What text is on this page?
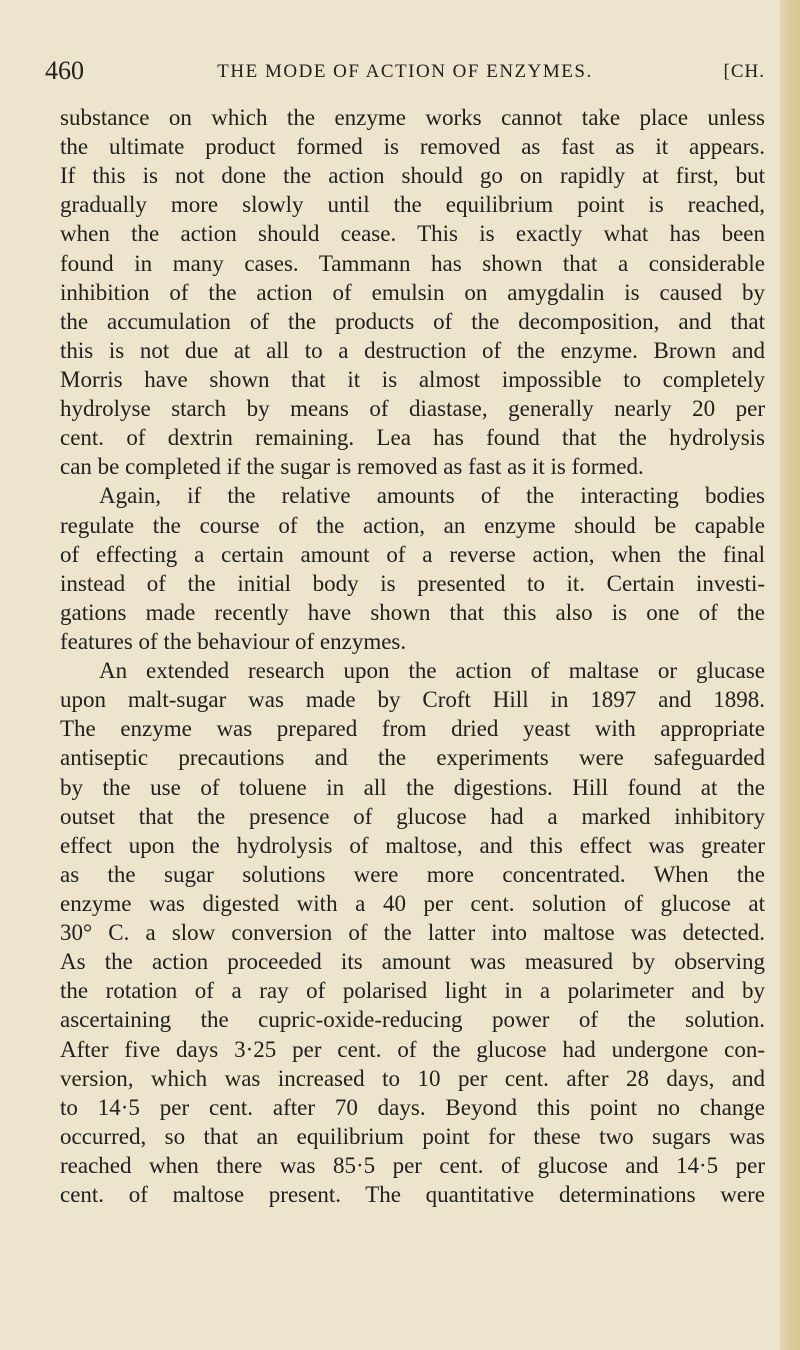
THE MODE OF ACTION OF ENZYMES.
460	[CH.
substance on which the enzyme works cannot take place unless
the ultimate product formed is removed as fast as it appears.
If this is not done the action should go on rapidly at first, but
gradually more slowly until the equilibrium point is reached,
when the action should cease. This is exactly what has been
found in many cases. Tammann has shown that a considerable
inhibition of the action of emulsin on amygdalin is caused by
the accumulation of the products of the decomposition, and that
this is not due at all to a destruction of the enzyme. Brown and
Morris have shown that it is almost impossible to completely
hydrolyse starch by means of diastase, generally nearly 20 per
cent. of dextrin remaining. Lea has found that the hydrolysis
can be completed if the sugar is removed as fast as it is formed.
Again, if the relative amounts of the interacting bodies
regulate the course of the action, an enzyme should be capable
of effecting a certain amount of a reverse action, when the final
instead of the initial body is presented to it. Certain investi-
gations made recently have shown that this also is one of the
features of the behaviour of enzymes.
An extended research upon the action of maltase or glucase
upon malt-sugar was made by Croft Hill in 1897 and 1898.
The enzyme was prepared from dried yeast with appropriate
antiseptic precautions and the experiments were safeguarded
by the use of toluene in all the digestions. Hill found at the
outset that the presence of glucose had a marked inhibitory
effect upon the hydrolysis of maltose, and this effect was greater
as the sugar solutions were more concentrated. When the
enzyme was digested with a 40 per cent. solution of glucose at
30° C. a slow conversion of the latter into maltose was detected.
As the action proceeded its amount was measured by observing
the rotation of a ray of polarised light in a polarimeter and by
ascertaining the cupric-oxide-reducing power of the solution.
After five days 3·25 per cent. of the glucose had undergone con-
version, which was increased to 10 per cent. after 28 days, and
to 14·5 per cent. after 70 days. Beyond this point no change
occurred, so that an equilibrium point for these two sugars was
reached when there was 85·5 per cent. of glucose and 14·5 per
cent. of maltose present. The quantitative determinations were
